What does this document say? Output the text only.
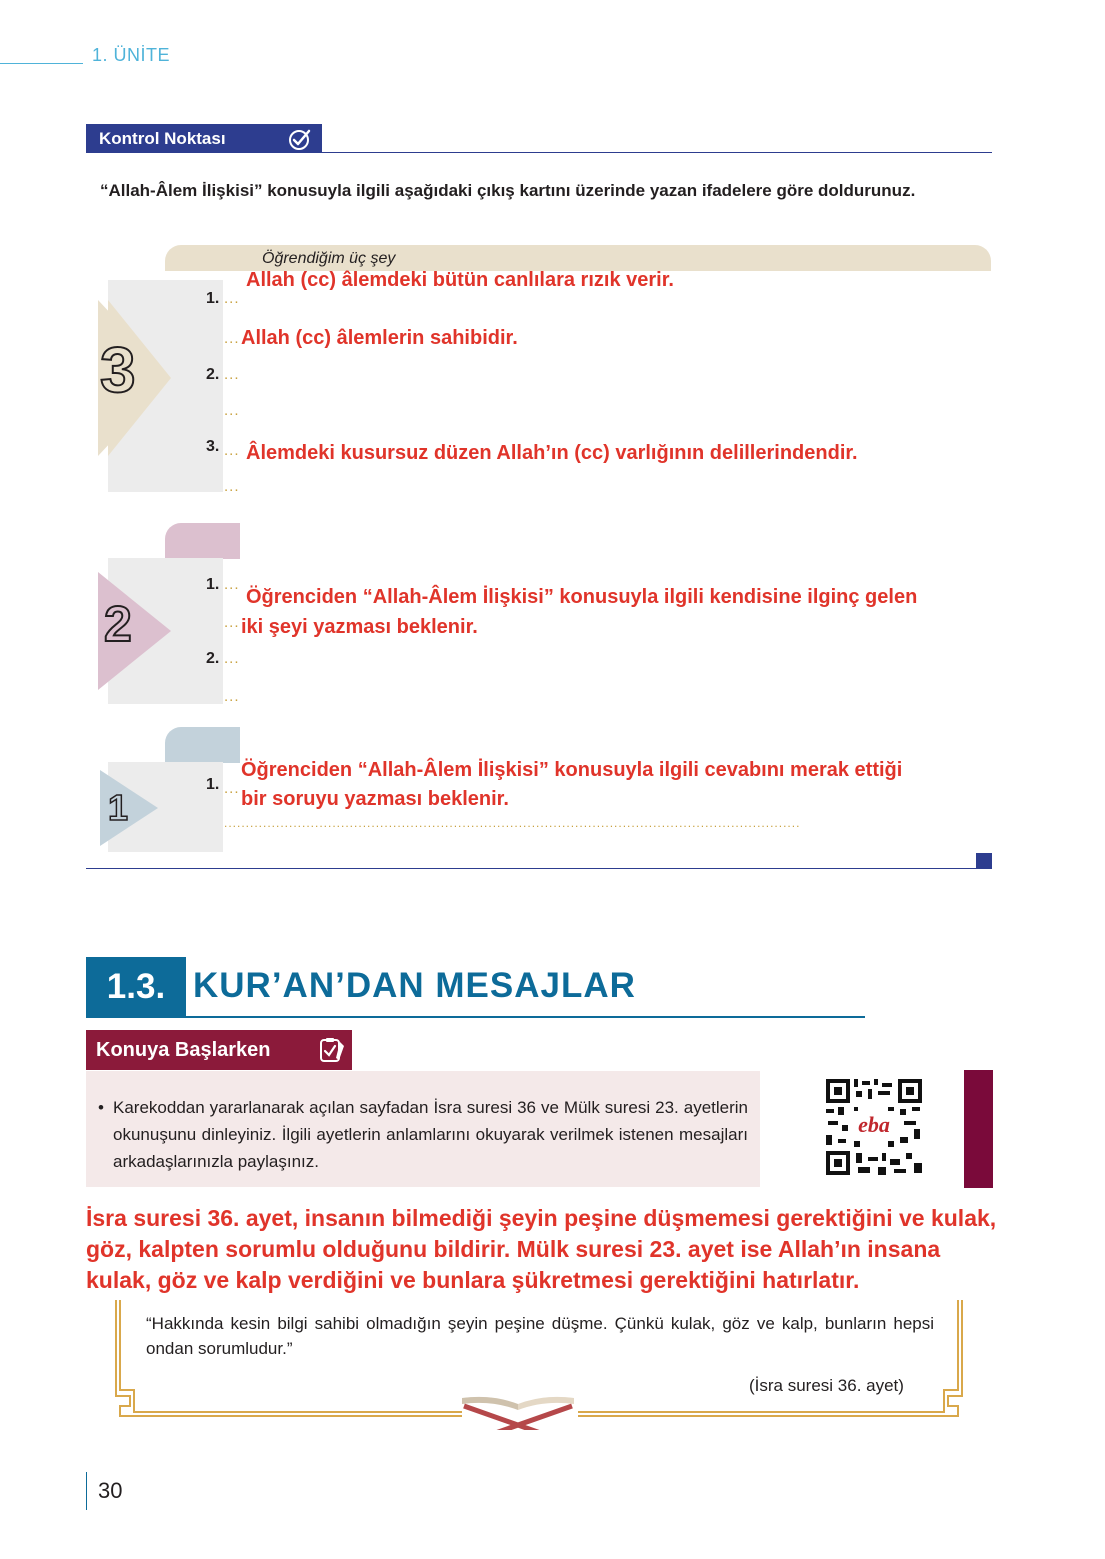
1. ÜNİTE
Kontrol Noktası
“Allah-Âlem İlişkisi” konusuyla ilgili aşağıdaki çıkış kartını üzerinde yazan ifadelere göre doldurunuz.
Öğrendiğim üç şey
3
1. ...
Allah (cc) âlemdeki bütün canlılara rızık verir.
... Allah (cc) âlemlerin sahibidir.
2. ...
...
3. ... Âlemdeki kusursuz düzen Allah’ın (cc) varlığının delillerindendir.
...
2
1. ...
Öğrenciden “Allah-Âlem İlişkisi” konusuyla ilgili kendisine ilginç gelen
... iki şeyi yazması beklenir.
2. ...
...
1
1. ...
Öğrenciden “Allah-Âlem İlişkisi” konusuyla ilgili cevabını merak ettiği
bir soruyu yazması beklenir.
.....................................................................................................................................
1.3. KUR’AN’DAN MESAJLAR
Konuya Başlarken
• Karekoddan yararlanarak açılan sayfadan İsra suresi 36 ve Mülk suresi 23. ayetlerin okunuşunu dinleyiniz. İlgili ayetlerin anlamlarını okuyarak verilmek istenen mesajları arkadaşlarınızla paylaşınız.
eba
İsra suresi 36. ayet, insanın bilmediği şeyin peşine düşmemesi gerektiğini ve kulak, göz, kalpten sorumlu olduğunu bildirir. Mülk suresi 23. ayet ise Allah’ın insana kulak, göz ve kalp verdiğini ve bunlara şükretmesi gerektiğini hatırlatır.
“Hakkında kesin bilgi sahibi olmadığın şeyin peşine düşme. Çünkü kulak, göz ve kalp, bunların hepsi ondan sorumludur.”
(İsra suresi 36. ayet)
30
